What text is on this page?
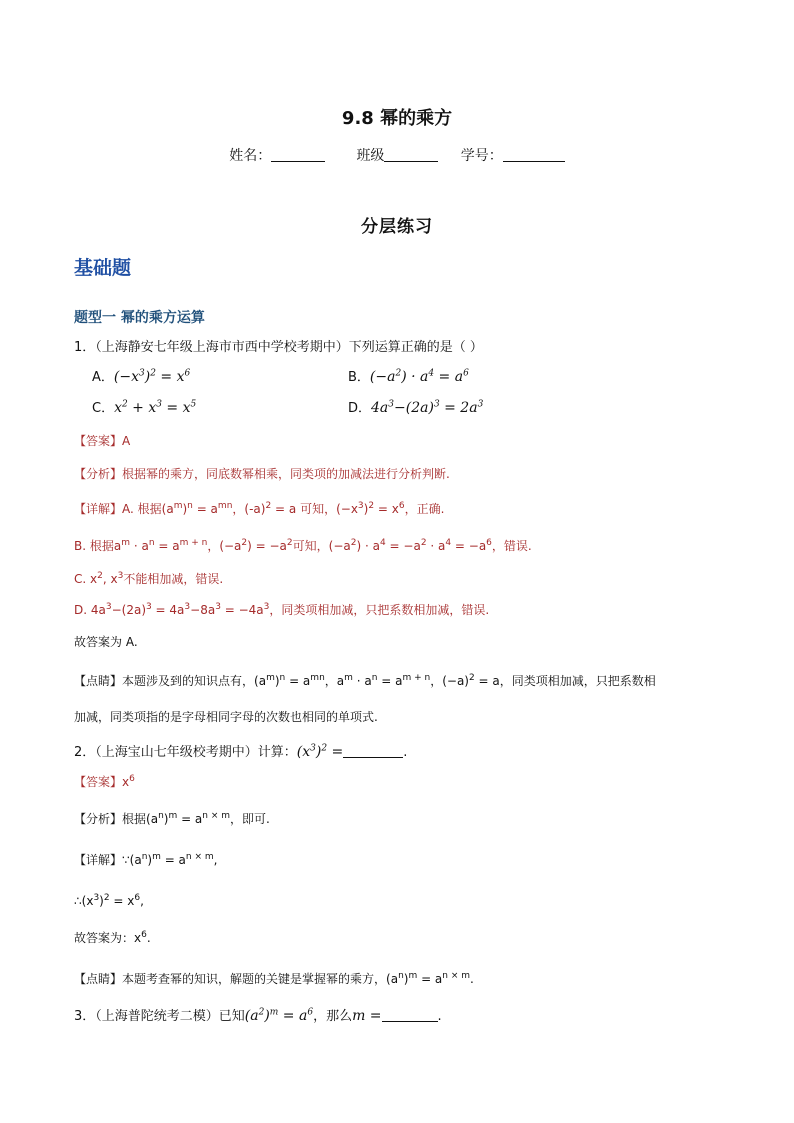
9.8 幂的乘方
姓名：	班级	学号：
分层练习
基础题
题型一 幂的乘方运算
1．（上海静安七年级上海市市西中学校考期中）下列运算正确的是（ ）
A．$(-x^3)^2 = x^6$	B．$(-a^2) \cdot a^4 = a^6$
C．$x^2 + x^3 = x^5$	D．$4a^3-(2a)^3 = 2a^3$
【答案】A
【分析】根据幂的乘方，同底数幂相乘，同类项的加减法进行分析判断.
【详解】A. 根据$(a^m)^n = a^{mn}$，$(-a)^2 = a$ 可知，$(-x^3)^2 = x^6$，正确.
B. 根据$a^m \cdot a^n = a^{m + n}$，$(-a^2) = -a^2$可知，$(-a^2) \cdot a^4 = -a^2 \cdot a^4 = -a^6$，错误.
C. $x^2$, $x^3$不能相加减，错误.
D. $4a^3-(2a)^3 = 4a^3-8a^3 = -4a^3$，同类项相加减，只把系数相加减，错误.
故答案为 A.
【点睛】本题涉及到的知识点有，$(a^m)^n = a^{mn}$，$a^m \cdot a^n = a^{m + n}$，$(-a)^2 = a$，同类项相加减，只把系数相
加减，同类项指的是字母相同字母的次数也相同的单项式.
2．（上海宝山七年级校考期中）计算：$(x^3)^2$ =	.
【答案】$x^6$
【分析】根据$(a^n)^m = a^{n \times m}$，即可.
【详解】$\because(a^n)^m = a^{n \times m}$,
$\therefore(x^3)^2 = x^6$,
故答案为：$x^6$.
【点睛】本题考查幂的知识，解题的关键是掌握幂的乘方，$(a^n)^m = a^{n \times m}$.
3．（上海普陀统考二模）已知$(a^2)^m = a^6$，那么m =	.
